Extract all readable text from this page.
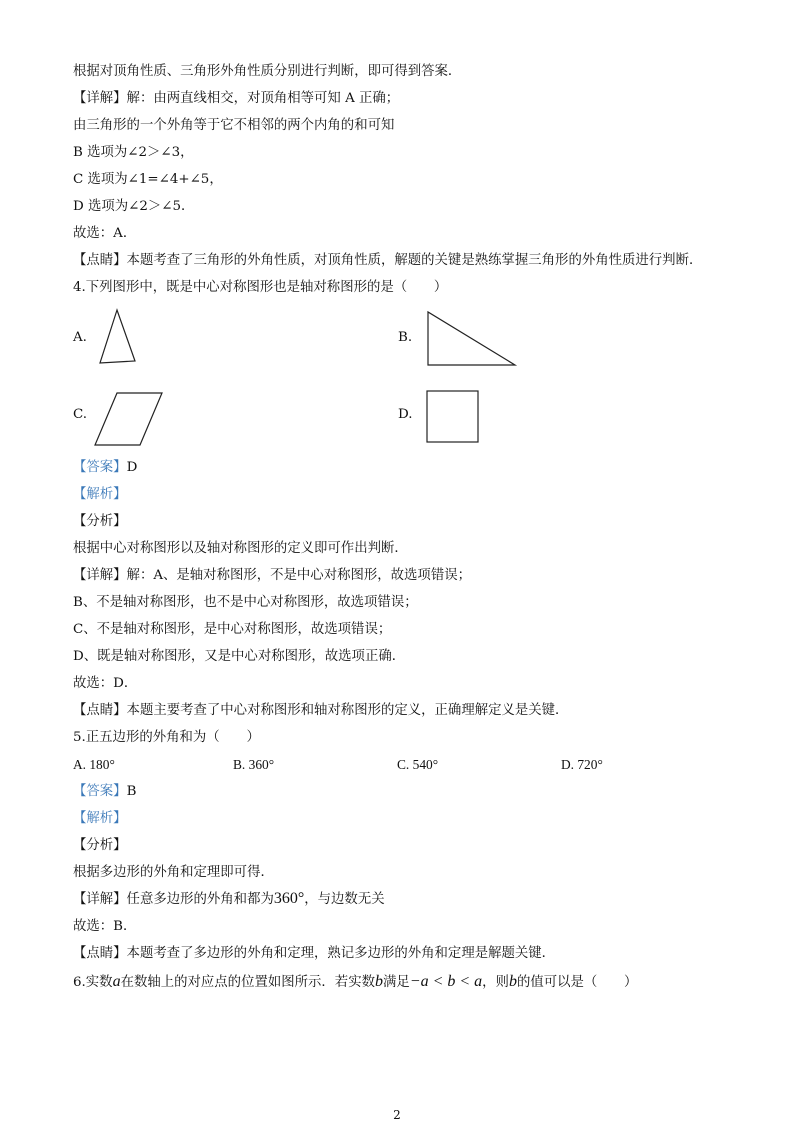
根据对顶角性质、三角形外角性质分别进行判断，即可得到答案．
【详解】解：由两直线相交，对顶角相等可知 A 正确；
由三角形的一个外角等于它不相邻的两个内角的和可知
B 选项为∠2＞∠3，
C 选项为∠1=∠4+∠5，
D 选项为∠2＞∠5．
故选：A．
【点睛】本题考查了三角形的外角性质，对顶角性质，解题的关键是熟练掌握三角形的外角性质进行判断．
4.下列图形中，既是中心对称图形也是轴对称图形的是（　　）
A.	B.
C.	D.
【答案】D
【解析】
【分析】
根据中心对称图形以及轴对称图形的定义即可作出判断．
【详解】解：A、是轴对称图形，不是中心对称图形，故选项错误；
B、不是轴对称图形，也不是中心对称图形，故选项错误；
C、不是轴对称图形，是中心对称图形，故选项错误；
D、既是轴对称图形，又是中心对称图形，故选项正确．
故选：D．
【点睛】本题主要考查了中心对称图形和轴对称图形的定义，正确理解定义是关键．
5.正五边形的外角和为（　　）
A. 180°	B. 360°	C. 540°	D. 720°
【答案】B
【解析】
【分析】
根据多边形的外角和定理即可得．
【详解】任意多边形的外角和都为360°，与边数无关
故选：B．
【点睛】本题考查了多边形的外角和定理，熟记多边形的外角和定理是解题关键．
6.实数a在数轴上的对应点的位置如图所示．若实数b满足−a < b < a，则b的值可以是（　　）
2
